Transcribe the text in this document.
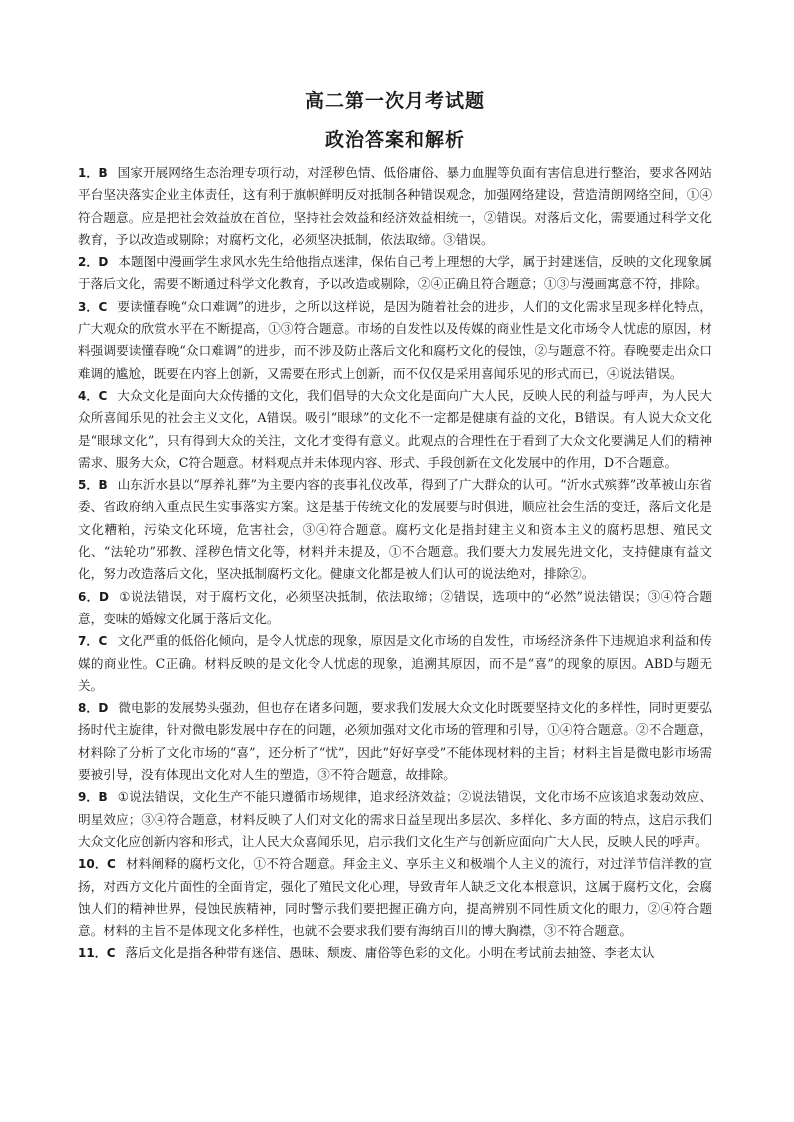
高二第一次月考试题
政治答案和解析

1．B 国家开展网络生态治理专项行动，对淫秽色情、低俗庸俗、暴力血腥等负面有害信息进行整治，要求各网站平台坚决落实企业主体责任，这有利于旗帜鲜明反对抵制各种错误观念，加强网络建设，营造清朗网络空间，①④符合题意。应是把社会效益放在首位，坚持社会效益和经济效益相统一，②错误。对落后文化，需要通过科学文化教育，予以改造或剔除；对腐朽文化，必须坚决抵制，依法取缔。③错误。

2．D 本题图中漫画学生求风水先生给他指点迷津，保佑自己考上理想的大学，属于封建迷信，反映的文化现象属于落后文化，需要不断通过科学文化教育，予以改造或剔除，②④正确且符合题意；①③与漫画寓意不符，排除。

3．C 要读懂春晚“众口难调”的进步，之所以这样说，是因为随着社会的进步，人们的文化需求呈现多样化特点，广大观众的欣赏水平在不断提高，①③符合题意。市场的自发性以及传媒的商业性是文化市场令人忧虑的原因，材料强调要读懂春晚“众口难调”的进步，而不涉及防止落后文化和腐朽文化的侵蚀，②与题意不符。春晚要走出众口难调的尴尬，既要在内容上创新，又需要在形式上创新，而不仅仅是采用喜闻乐见的形式而已，④说法错误。

4．C 大众文化是面向大众传播的文化，我们倡导的大众文化是面向广大人民，反映人民的利益与呼声，为人民大众所喜闻乐见的社会主义文化，A错误。吸引“眼球”的文化不一定都是健康有益的文化，B错误。有人说大众文化是“眼球文化”，只有得到大众的关注，文化才变得有意义。此观点的合理性在于看到了大众文化要满足人们的精神需求、服务大众，C符合题意。材料观点并未体现内容、形式、手段创新在文化发展中的作用，D不合题意。

5．B 山东沂水县以“厚养礼葬”为主要内容的丧事礼仪改革，得到了广大群众的认可。“沂水式殡葬”改革被山东省委、省政府纳入重点民生实事落实方案。这是基于传统文化的发展要与时俱进，顺应社会生活的变迁，落后文化是文化糟粕，污染文化环境，危害社会，③④符合题意。腐朽文化是指封建主义和资本主义的腐朽思想、殖民文化、“法轮功”邪教、淫秽色情文化等，材料并未提及，①不合题意。我们要大力发展先进文化，支持健康有益文化，努力改造落后文化，坚决抵制腐朽文化。健康文化都是被人们认可的说法绝对，排除②。

6．D ①说法错误，对于腐朽文化，必须坚决抵制，依法取缔；②错误，选项中的“必然”说法错误；③④符合题意，变味的婚嫁文化属于落后文化。

7．C 文化严重的低俗化倾向，是令人忧虑的现象，原因是文化市场的自发性，市场经济条件下违规追求利益和传媒的商业性。C正确。材料反映的是文化令人忧虑的现象，追溯其原因，而不是“喜”的现象的原因。ABD与题无关。

8．D 微电影的发展势头强劲，但也存在诸多问题，要求我们发展大众文化时既要坚持文化的多样性，同时更要弘扬时代主旋律，针对微电影发展中存在的问题，必须加强对文化市场的管理和引导，①④符合题意。②不合题意，材料除了分析了文化市场的“喜”，还分析了“忧”，因此“好好享受”不能体现材料的主旨；材料主旨是微电影市场需要被引导，没有体现出文化对人生的塑造，③不符合题意，故排除。

9．B ①说法错误，文化生产不能只遵循市场规律，追求经济效益；②说法错误，文化市场不应该追求轰动效应、明星效应；③④符合题意，材料反映了人们对文化的需求日益呈现出多层次、多样化、多方面的特点，这启示我们大众文化应创新内容和形式，让人民大众喜闻乐见，启示我们文化生产与创新应面向广大人民，反映人民的呼声。

10．C 材料阐释的腐朽文化，①不符合题意。拜金主义、享乐主义和极端个人主义的流行，对过洋节信洋教的宣扬，对西方文化片面性的全面肯定，强化了殖民文化心理，导致青年人缺乏文化本根意识，这属于腐朽文化，会腐蚀人们的精神世界，侵蚀民族精神，同时警示我们要把握正确方向，提高辨别不同性质文化的眼力，②④符合题意。材料的主旨不是体现文化多样性，也就不会要求我们要有海纳百川的博大胸襟，③不符合题意。

11．C 落后文化是指各种带有迷信、愚昧、颓废、庸俗等色彩的文化。小明在考试前去抽签、李老太认
